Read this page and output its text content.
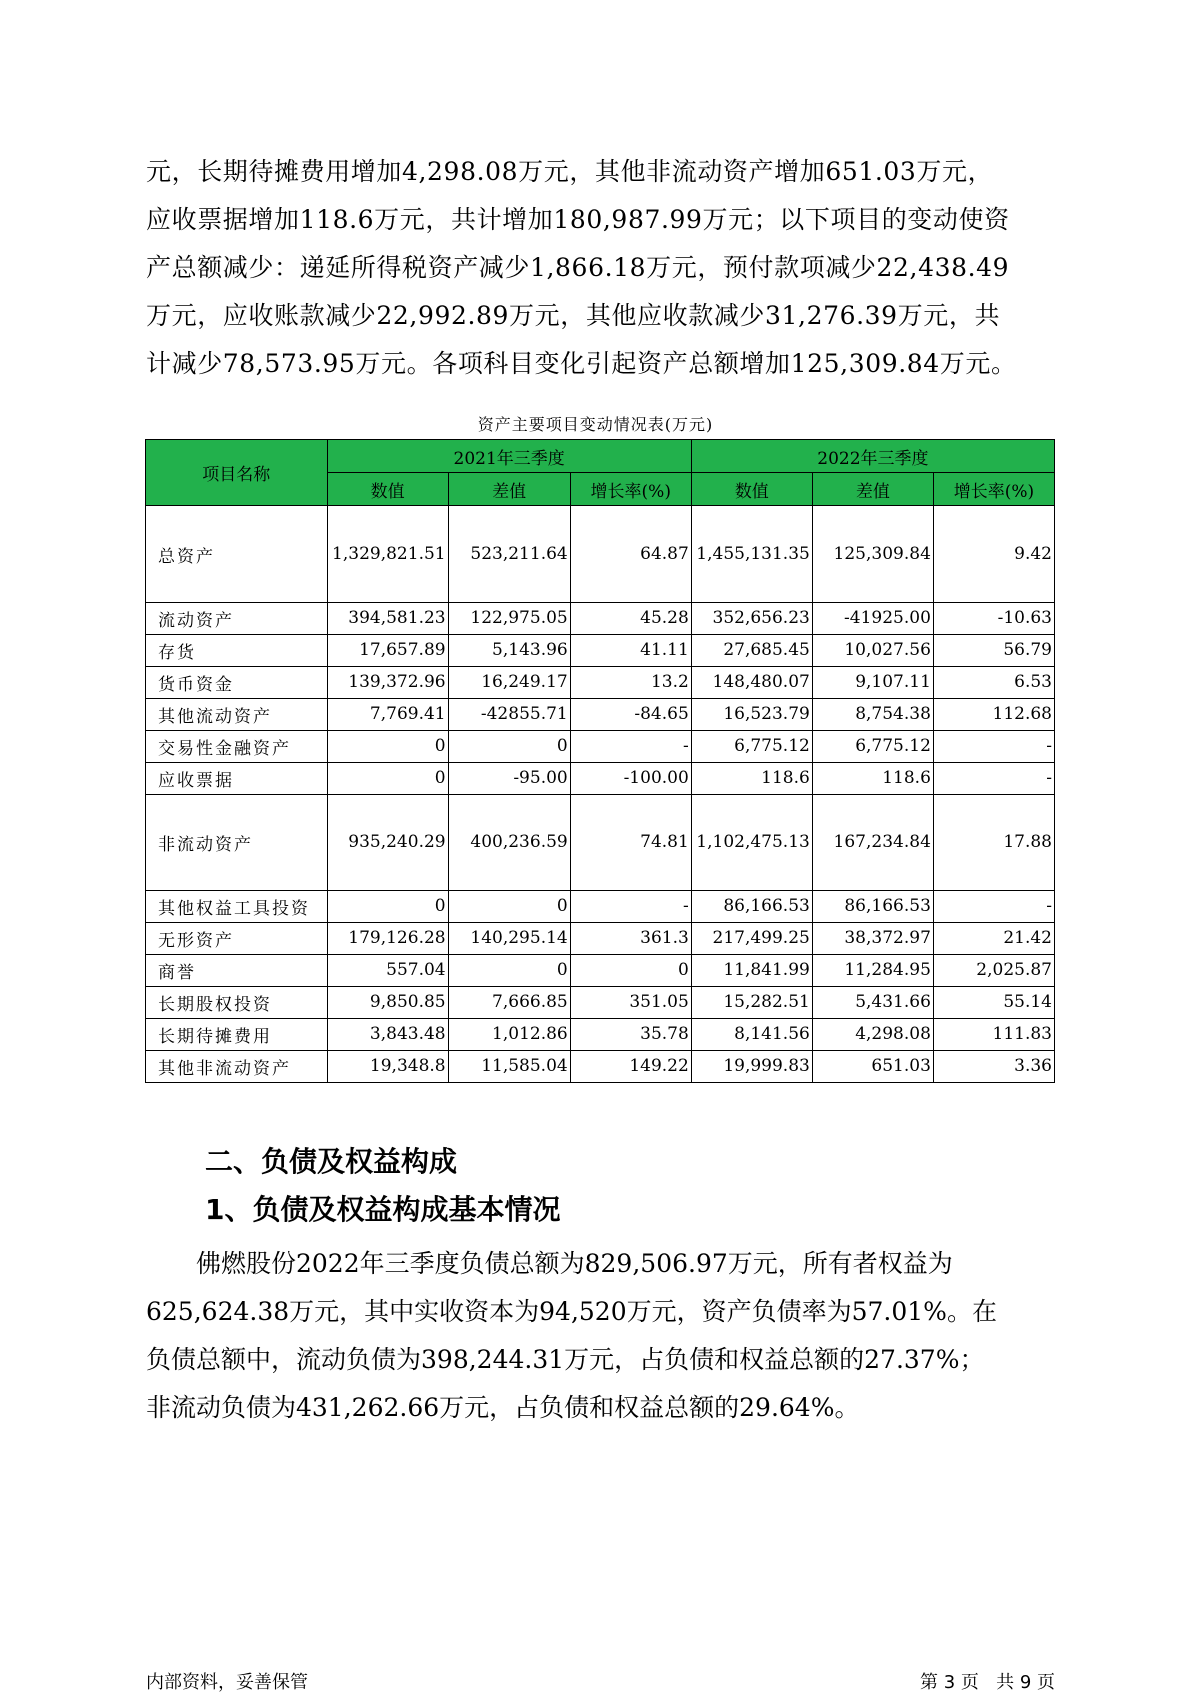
元，长期待摊费用增加4,298.08万元，其他非流动资产增加651.03万元，
应收票据增加118.6万元，共计增加180,987.99万元；以下项目的变动使资
产总额减少：递延所得税资产减少1,866.18万元，预付款项减少22,438.49
万元，应收账款减少22,992.89万元，其他应收款减少31,276.39万元，共
计减少78,573.95万元。各项科目变化引起资产总额增加125,309.84万元。

资产主要项目变动情况表(万元)
项目名称	2021年三季度			2022年三季度		
	数值	差值	增长率(%)	数值	差值	增长率(%)
总资产	1,329,821.51	523,211.64	64.87	1,455,131.35	125,309.84	9.42
流动资产	394,581.23	122,975.05	45.28	352,656.23	-41925.00	-10.63
存货	17,657.89	5,143.96	41.11	27,685.45	10,027.56	56.79
货币资金	139,372.96	16,249.17	13.2	148,480.07	9,107.11	6.53
其他流动资产	7,769.41	-42855.71	-84.65	16,523.79	8,754.38	112.68
交易性金融资产	0	0	-	6,775.12	6,775.12	-
应收票据	0	-95.00	-100.00	118.6	118.6	-
非流动资产	935,240.29	400,236.59	74.81	1,102,475.13	167,234.84	17.88
其他权益工具投资	0	0	-	86,166.53	86,166.53	-
无形资产	179,126.28	140,295.14	361.3	217,499.25	38,372.97	21.42
商誉	557.04	0	0	11,841.99	11,284.95	2,025.87
长期股权投资	9,850.85	7,666.85	351.05	15,282.51	5,431.66	55.14
长期待摊费用	3,843.48	1,012.86	35.78	8,141.56	4,298.08	111.83
其他非流动资产	19,348.8	11,585.04	149.22	19,999.83	651.03	3.36
二、负债及权益构成
1、负债及权益构成基本情况

佛燃股份2022年三季度负债总额为829,506.97万元，所有者权益为
625,624.38万元，其中实收资本为94,520万元，资产负债率为57.01%。在
负债总额中，流动负债为398,244.31万元，占负债和权益总额的27.37%；
非流动负债为431,262.66万元，占负债和权益总额的29.64%。

内部资料，妥善保管	第 3 页   共 9 页
